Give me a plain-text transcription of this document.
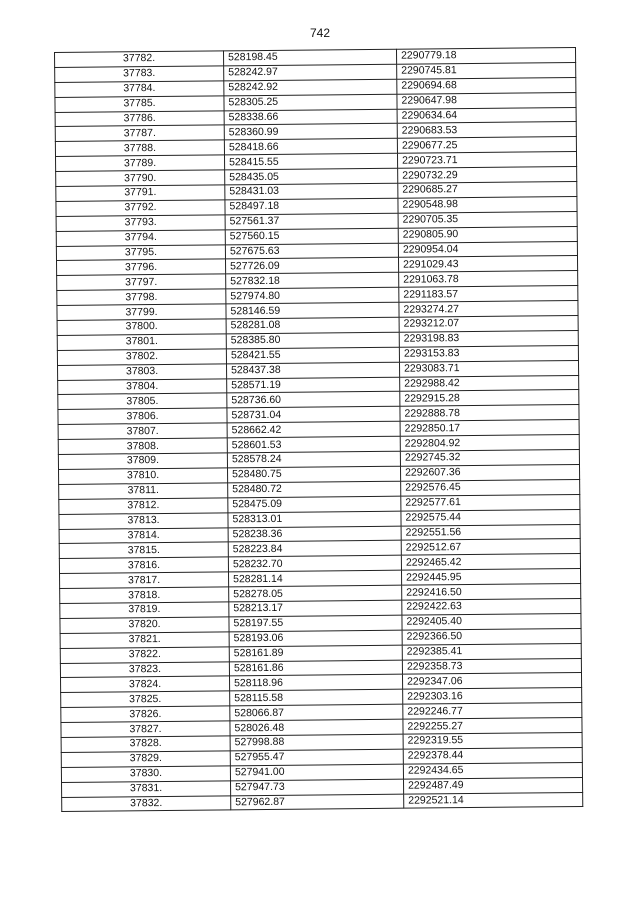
742
37782.	528198.45	2290779.18
37783.	528242.97	2290745.81
37784.	528242.92	2290694.68
37785.	528305.25	2290647.98
37786.	528338.66	2290634.64
37787.	528360.99	2290683.53
37788.	528418.66	2290677.25
37789.	528415.55	2290723.71
37790.	528435.05	2290732.29
37791.	528431.03	2290685.27
37792.	528497.18	2290548.98
37793.	527561.37	2290705.35
37794.	527560.15	2290805.90
37795.	527675.63	2290954.04
37796.	527726.09	2291029.43
37797.	527832.18	2291063.78
37798.	527974.80	2291183.57
37799.	528146.59	2293274.27
37800.	528281.08	2293212.07
37801.	528385.80	2293198.83
37802.	528421.55	2293153.83
37803.	528437.38	2293083.71
37804.	528571.19	2292988.42
37805.	528736.60	2292915.28
37806.	528731.04	2292888.78
37807.	528662.42	2292850.17
37808.	528601.53	2292804.92
37809.	528578.24	2292745.32
37810.	528480.75	2292607.36
37811.	528480.72	2292576.45
37812.	528475.09	2292577.61
37813.	528313.01	2292575.44
37814.	528238.36	2292551.56
37815.	528223.84	2292512.67
37816.	528232.70	2292465.42
37817.	528281.14	2292445.95
37818.	528278.05	2292416.50
37819.	528213.17	2292422.63
37820.	528197.55	2292405.40
37821.	528193.06	2292366.50
37822.	528161.89	2292385.41
37823.	528161.86	2292358.73
37824.	528118.96	2292347.06
37825.	528115.58	2292303.16
37826.	528066.87	2292246.77
37827.	528026.48	2292255.27
37828.	527998.88	2292319.55
37829.	527955.47	2292378.44
37830.	527941.00	2292434.65
37831.	527947.73	2292487.49
37832.	527962.87	2292521.14
